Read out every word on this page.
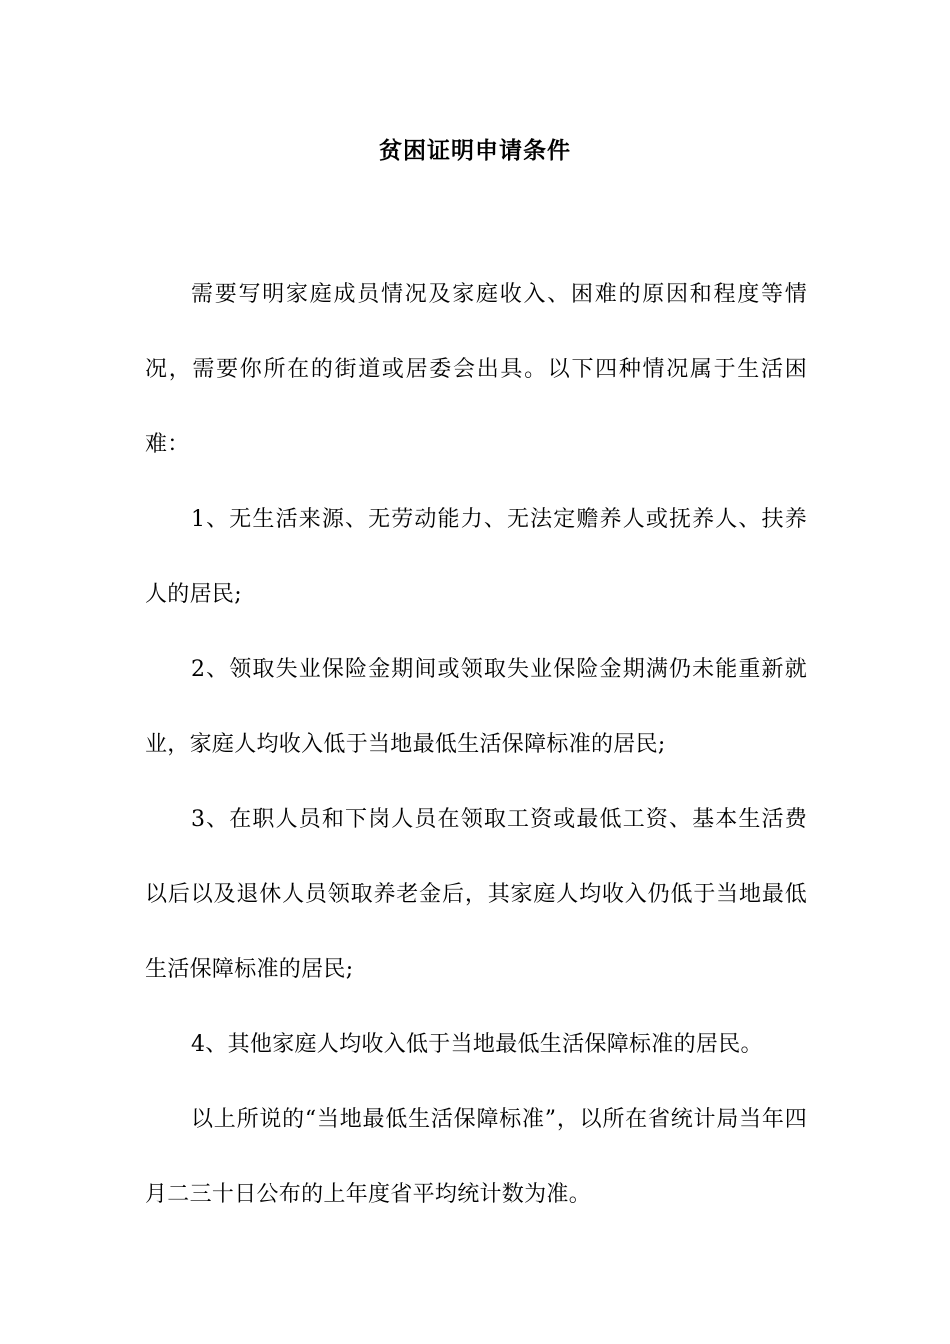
贫困证明申请条件

需要写明家庭成员情况及家庭收入、困难的原因和程度等情况，需要你所在的街道或居委会出具。以下四种情况属于生活困难：

1、无生活来源、无劳动能力、无法定赡养人或抚养人、扶养人的居民;

2、领取失业保险金期间或领取失业保险金期满仍未能重新就业，家庭人均收入低于当地最低生活保障标准的居民;

3、在职人员和下岗人员在领取工资或最低工资、基本生活费以后以及退休人员领取养老金后，其家庭人均收入仍低于当地最低生活保障标准的居民;

4、其他家庭人均收入低于当地最低生活保障标准的居民。

以上所说的“当地最低生活保障标准”，以所在省统计局当年四月二三十日公布的上年度省平均统计数为准。
